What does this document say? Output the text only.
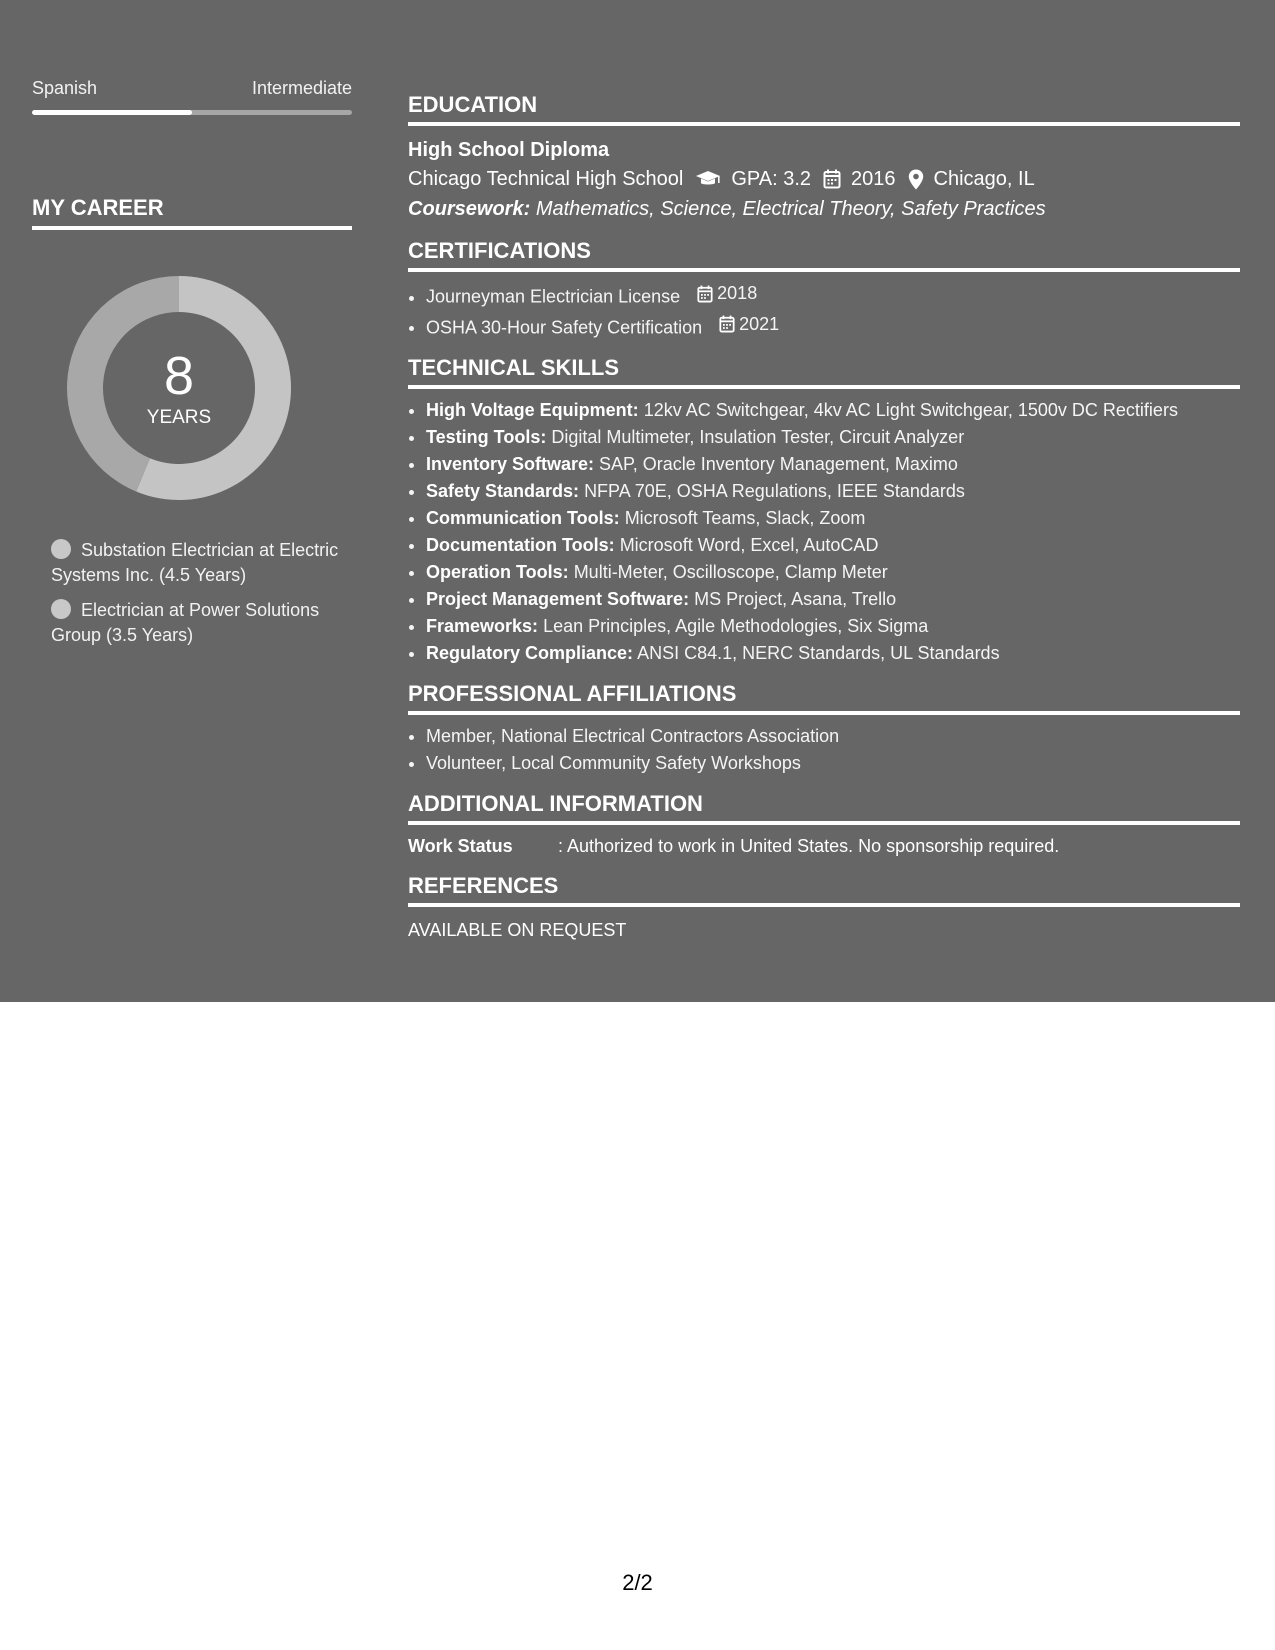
Spanish	Intermediate
MY CAREER
8
YEARS
Substation Electrician at Electric Systems Inc. (4.5 Years)
Electrician at Power Solutions Group (3.5 Years)
EDUCATION
High School Diploma
Chicago Technical High School GPA: 3.2 2016 Chicago, IL
Coursework: Mathematics, Science, Electrical Theory, Safety Practices
CERTIFICATIONS
• Journeyman Electrician License 2018
• OSHA 30-Hour Safety Certification 2021
TECHNICAL SKILLS
• High Voltage Equipment: 12kv AC Switchgear, 4kv AC Light Switchgear, 1500v DC Rectifiers
• Testing Tools: Digital Multimeter, Insulation Tester, Circuit Analyzer
• Inventory Software: SAP, Oracle Inventory Management, Maximo
• Safety Standards: NFPA 70E, OSHA Regulations, IEEE Standards
• Communication Tools: Microsoft Teams, Slack, Zoom
• Documentation Tools: Microsoft Word, Excel, AutoCAD
• Operation Tools: Multi-Meter, Oscilloscope, Clamp Meter
• Project Management Software: MS Project, Asana, Trello
• Frameworks: Lean Principles, Agile Methodologies, Six Sigma
• Regulatory Compliance: ANSI C84.1, NERC Standards, UL Standards
PROFESSIONAL AFFILIATIONS
• Member, National Electrical Contractors Association
• Volunteer, Local Community Safety Workshops
ADDITIONAL INFORMATION
Work Status	: Authorized to work in United States. No sponsorship required.
REFERENCES
AVAILABLE ON REQUEST
2/2
